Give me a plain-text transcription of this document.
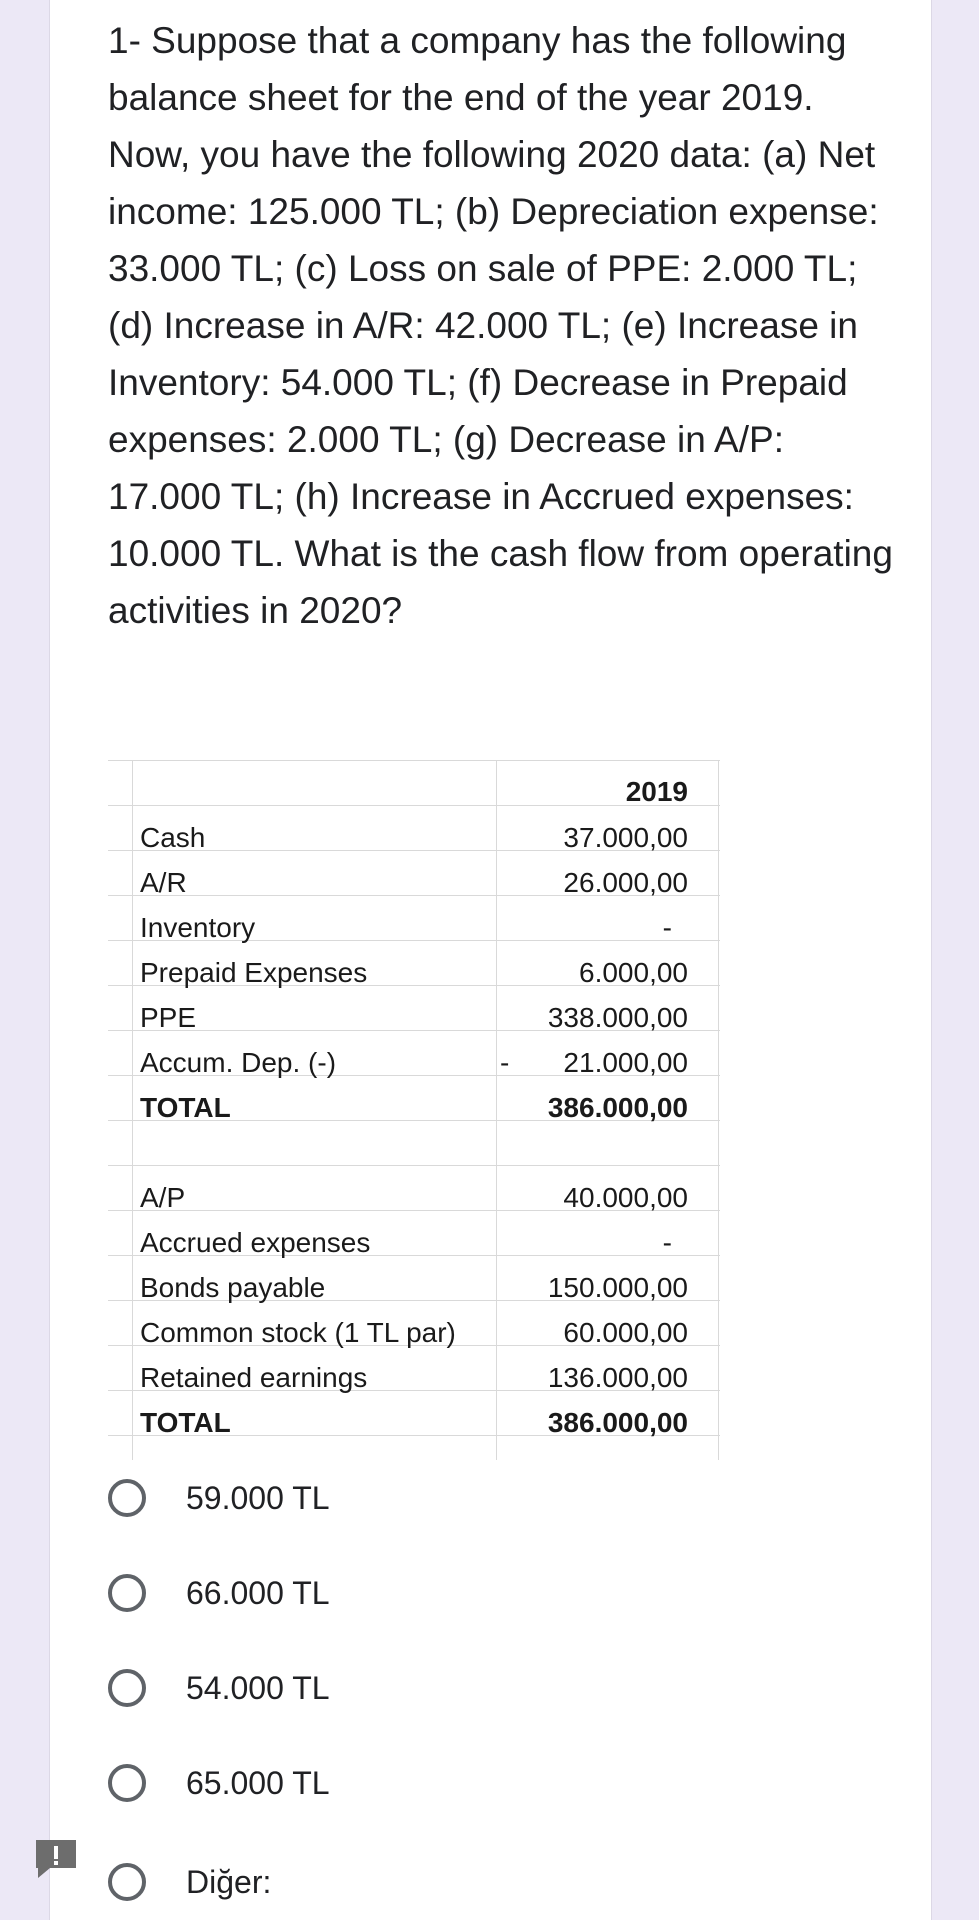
1- Suppose that a company has the following balance sheet for the end of the year 2019. Now, you have the following 2020 data: (a) Net income: 125.000 TL; (b) Depreciation expense: 33.000 TL; (c) Loss on sale of PPE: 2.000 TL; (d) Increase in A/R: 42.000 TL; (e) Increase in Inventory: 54.000 TL; (f) Decrease in Prepaid expenses: 2.000 TL; (g) Decrease in A/P: 17.000 TL; (h) Increase in Accrued expenses: 10.000 TL. What is the cash flow from operating activities in 2020?

2019
Cash	37.000,00
A/R	26.000,00
Inventory	-
Prepaid Expenses	6.000,00
PPE	338.000,00
Accum. Dep. (-)	-	21.000,00
TOTAL	386.000,00
A/P	40.000,00
Accrued expenses	-
Bonds payable	150.000,00
Common stock (1 TL par)	60.000,00
Retained earnings	136.000,00
TOTAL	386.000,00
59.000 TL
66.000 TL
54.000 TL
65.000 TL
Diğer:
